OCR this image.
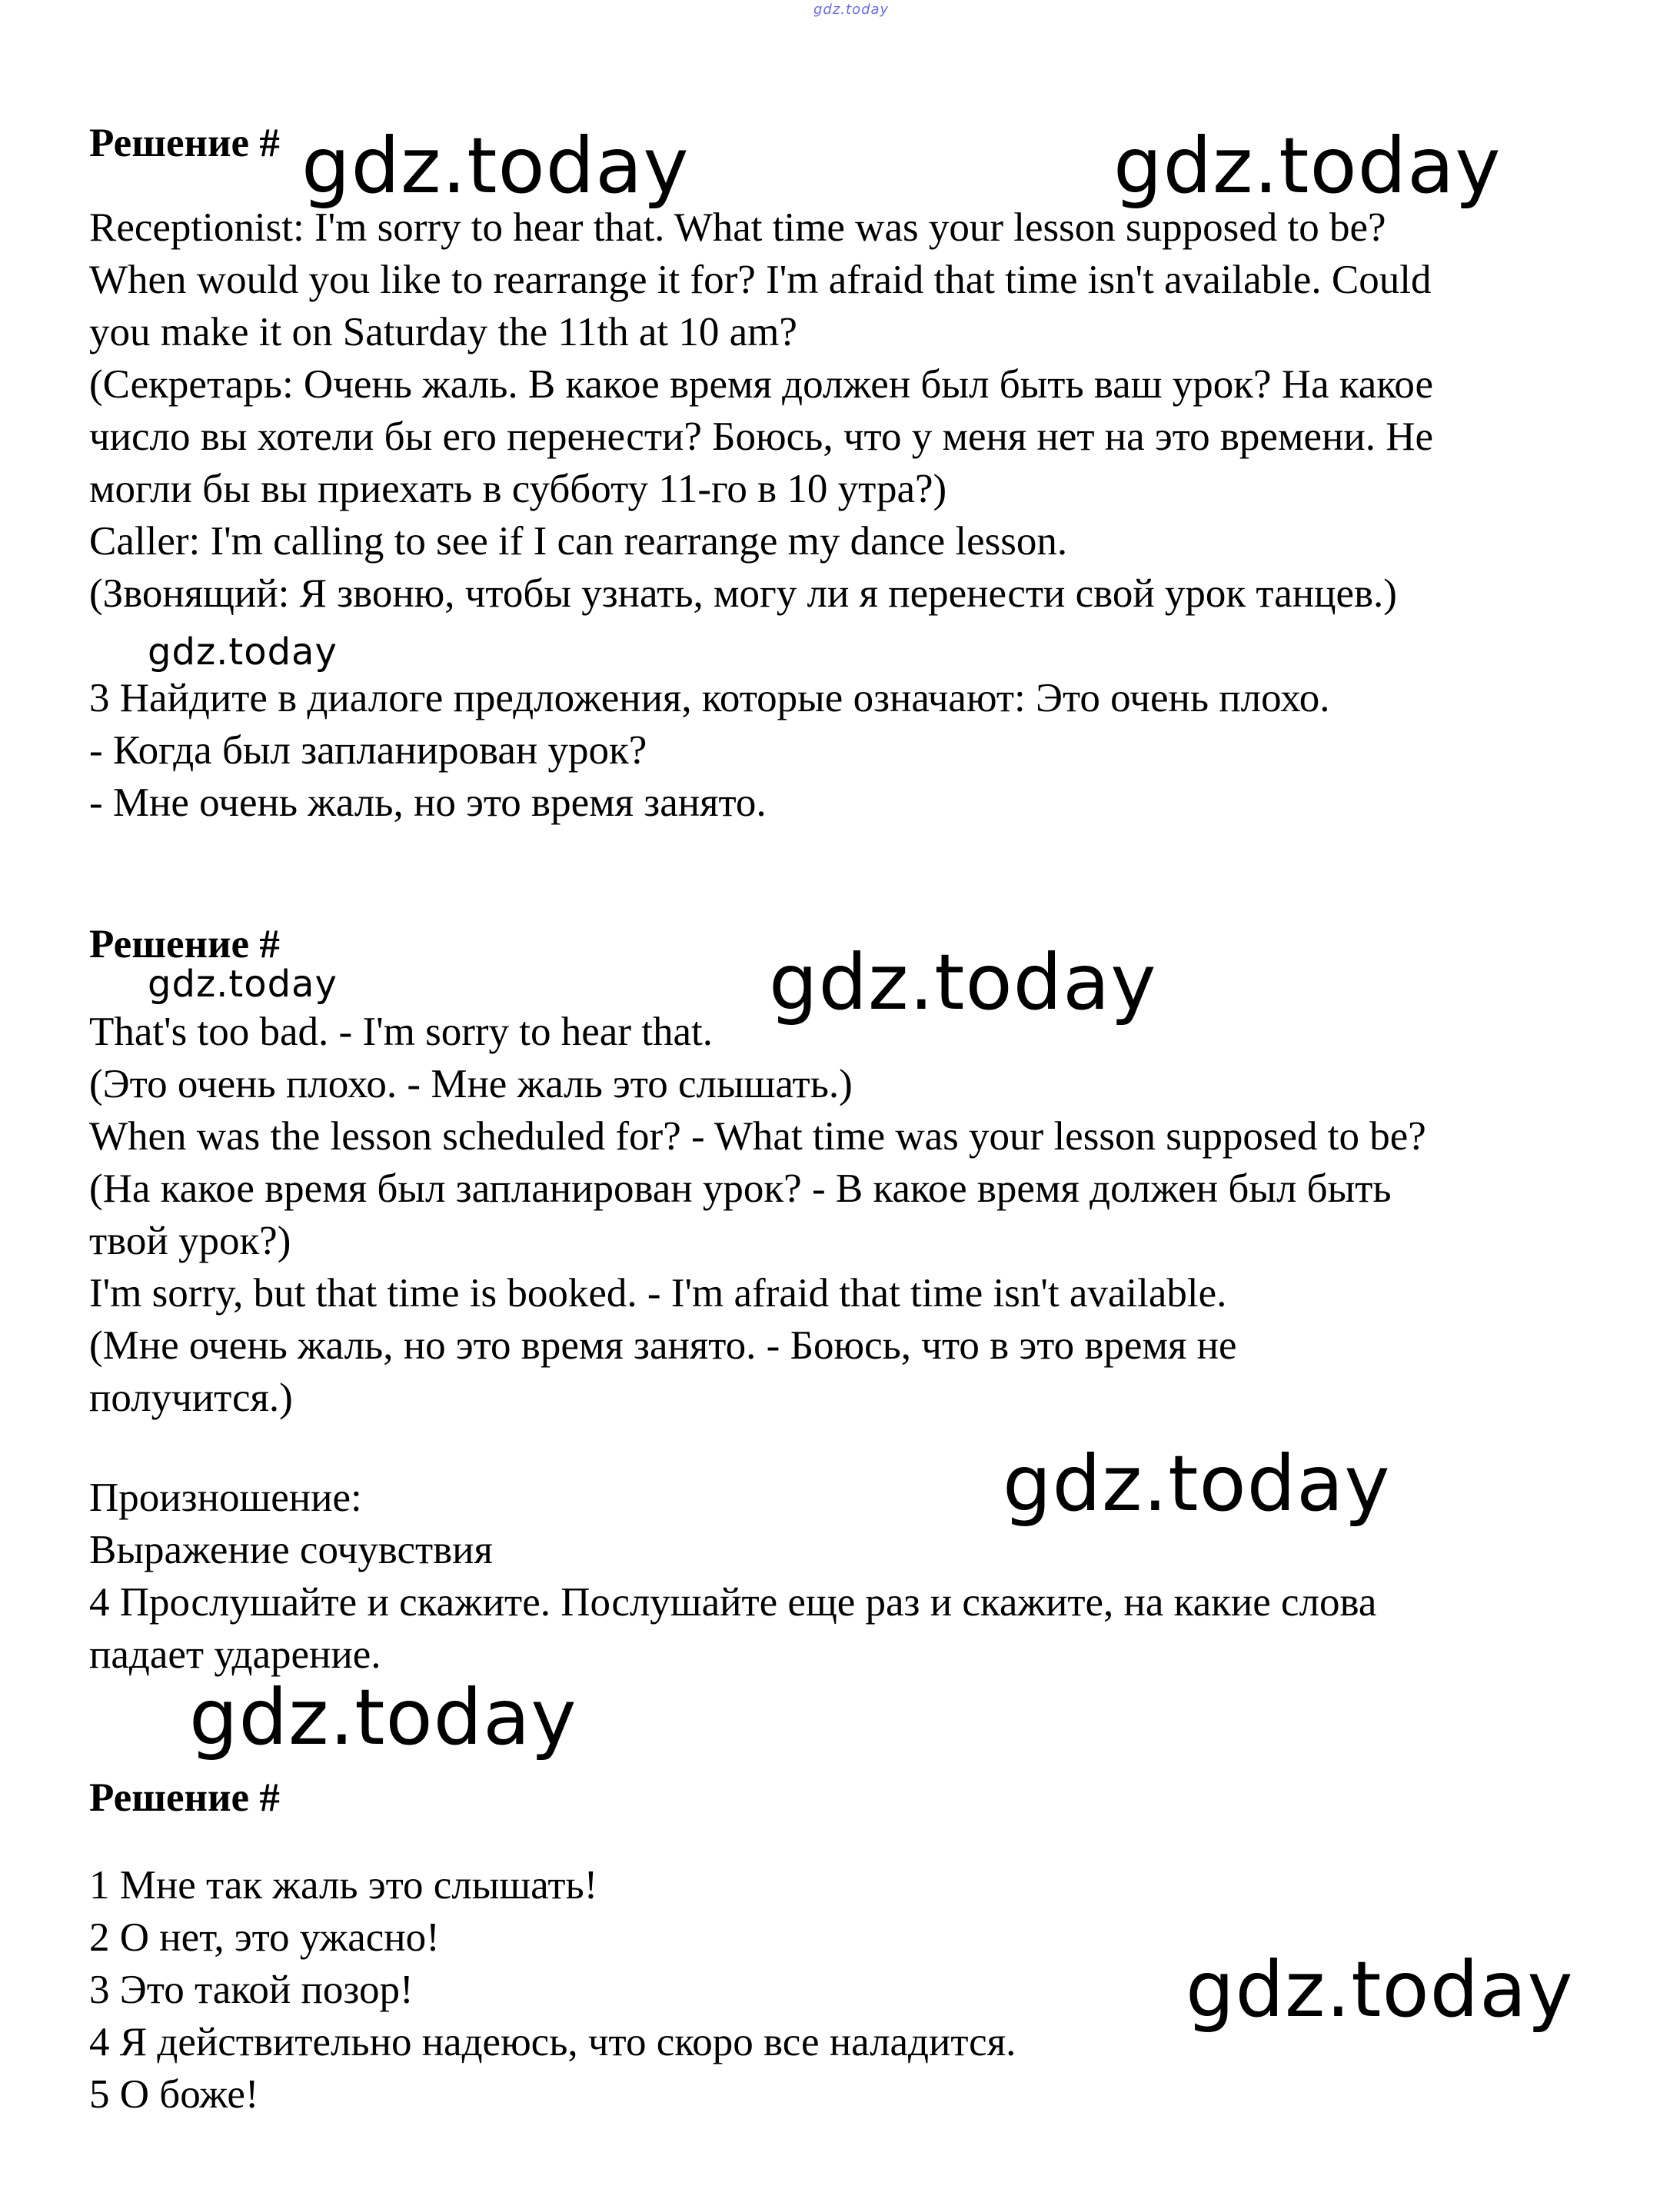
gdz.today
Решение #
Receptionist: I'm sorry to hear that. What time was your lesson supposed to be?
When would you like to rearrange it for? I'm afraid that time isn't available. Could
you make it on Saturday the 11th at 10 am?
(Секретарь: Очень жаль. В какое время должен был быть ваш урок? На какое
число вы хотели бы его перенести? Боюсь, что у меня нет на это времени. Не
могли бы вы приехать в субботу 11-го в 10 утра?)
Caller: I'm calling to see if I can rearrange my dance lesson.
(Звонящий: Я звоню, чтобы узнать, могу ли я перенести свой урок танцев.)
3 Найдите в диалоге предложения, которые означают: Это очень плохо.
- Когда был запланирован урок?
- Мне очень жаль, но это время занято.
Решение #
That's too bad. - I'm sorry to hear that.
(Это очень плохо. - Мне жаль это слышать.)
When was the lesson scheduled for? - What time was your lesson supposed to be?
(На какое время был запланирован урок? - В какое время должен был быть
твой урок?)
I'm sorry, but that time is booked. - I'm afraid that time isn't available.
(Мне очень жаль, но это время занято. - Боюсь, что в это время не
получится.)
Произношение:
Выражение сочувствия
4 Прослушайте и скажите. Послушайте еще раз и скажите, на какие слова
падает ударение.
Решение #
1 Мне так жаль это слышать!
2 О нет, это ужасно!
3 Это такой позор!
4 Я действительно надеюсь, что скоро все наладится.
5 О боже!
gdz.today	gdz.today
gdz.today
gdz.today	gdz.today
gdz.today
gdz.today
gdz.today
